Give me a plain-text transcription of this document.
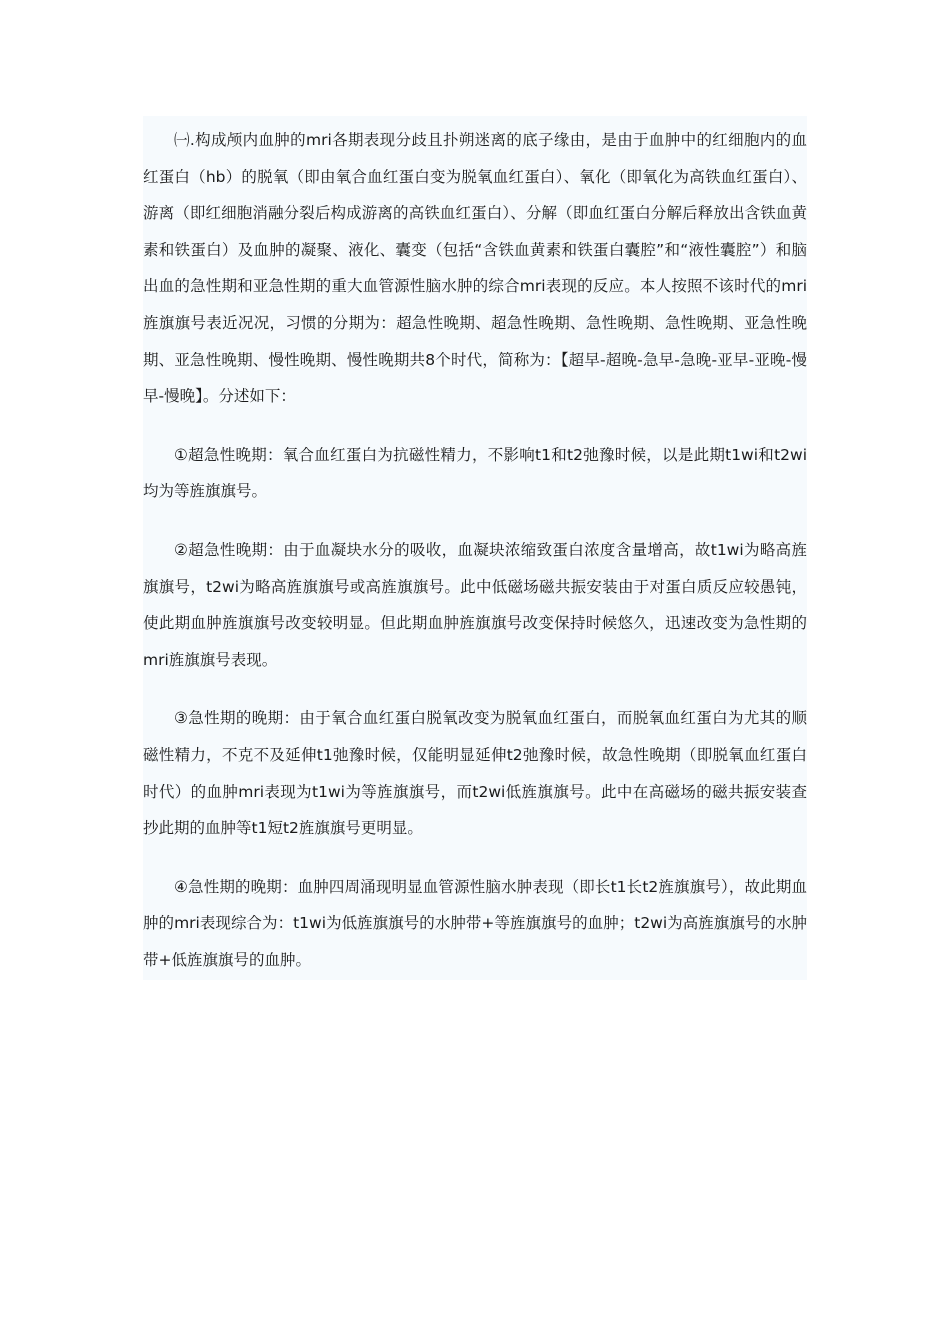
㈠.构成颅内血肿的mri各期表现分歧且扑朔迷离的底子缘由，是由于血肿中的红细胞内的血红蛋白（hb）的脱氧（即由氧合血红蛋白变为脱氧血红蛋白）、氧化（即氧化为高铁血红蛋白）、游离（即红细胞消融分裂后构成游离的高铁血红蛋白）、分解（即血红蛋白分解后释放出含铁血黄素和铁蛋白）及血肿的凝聚、液化、囊变（包括“含铁血黄素和铁蛋白囊腔”和“液性囊腔”）和脑出血的急性期和亚急性期的重大血管源性脑水肿的综合mri表现的反应。本人按照不该时代的mri旌旗旗号表近况况，习惯的分期为：超急性晚期、超急性晚期、急性晚期、急性晚期、亚急性晚期、亚急性晚期、慢性晚期、慢性晚期共8个时代，简称为：【超早-超晚-急早-急晚-亚早-亚晚-慢早-慢晚】。分述如下：

①超急性晚期：氧合血红蛋白为抗磁性精力，不影响t1和t2弛豫时候，以是此期t1wi和t2wi均为等旌旗旗号。

②超急性晚期：由于血凝块水分的吸收，血凝块浓缩致蛋白浓度含量增高，故t1wi为略高旌旗旗号，t2wi为略高旌旗旗号或高旌旗旗号。此中低磁场磁共振安装由于对蛋白质反应较愚钝，使此期血肿旌旗旗号改变较明显。但此期血肿旌旗旗号改变保持时候悠久，迅速改变为急性期的mri旌旗旗号表现。

③急性期的晚期：由于氧合血红蛋白脱氧改变为脱氧血红蛋白，而脱氧血红蛋白为尤其的顺磁性精力，不克不及延伸t1弛豫时候，仅能明显延伸t2弛豫时候，故急性晚期（即脱氧血红蛋白时代）的血肿mri表现为t1wi为等旌旗旗号，而t2wi低旌旗旗号。此中在高磁场的磁共振安装查抄此期的血肿等t1短t2旌旗旗号更明显。

④急性期的晚期：血肿四周涌现明显血管源性脑水肿表现（即长t1长t2旌旗旗号），故此期血肿的mri表现综合为：t1wi为低旌旗旗号的水肿带+等旌旗旗号的血肿；t2wi为高旌旗旗号的水肿带+低旌旗旗号的血肿。
